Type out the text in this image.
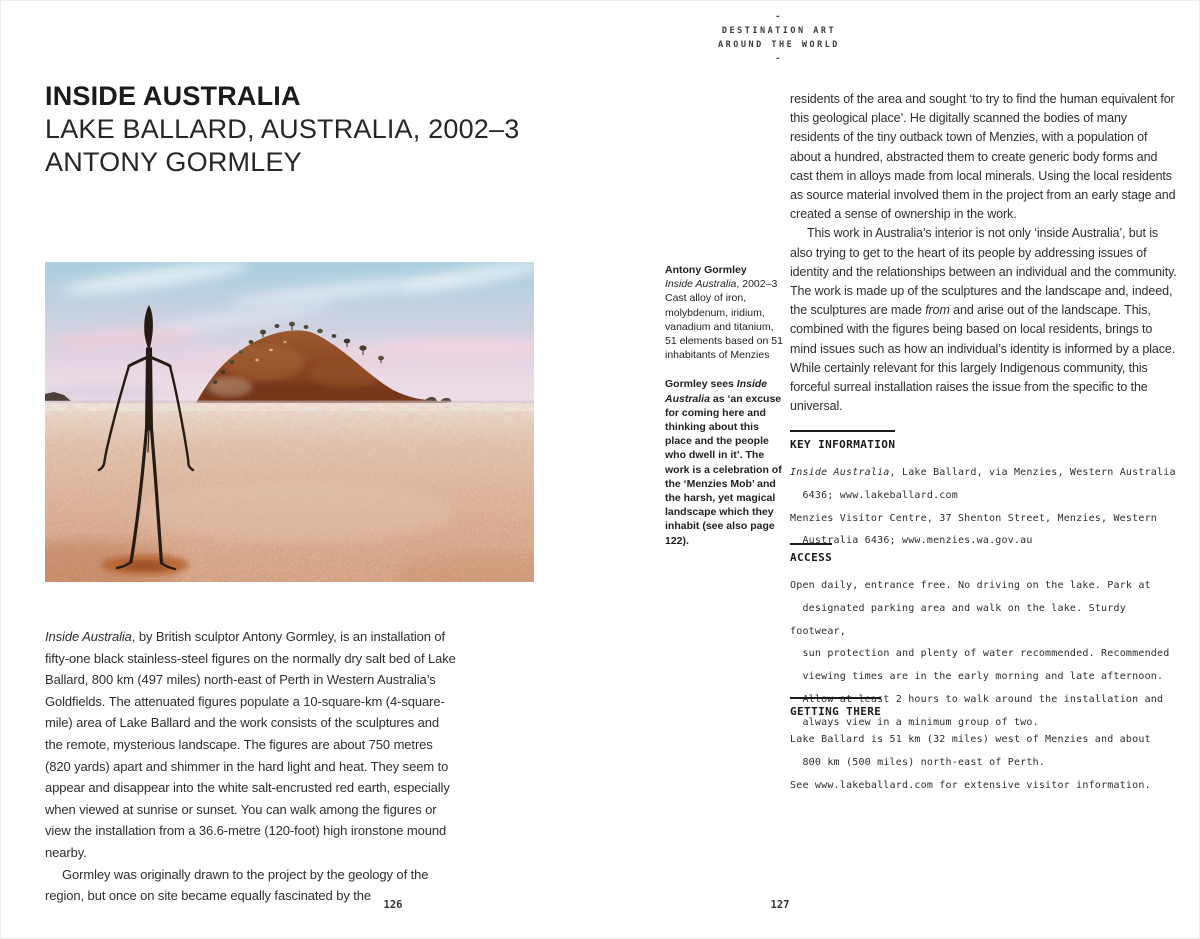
-
DESTINATION ART
AROUND THE WORLD
-
INSIDE AUSTRALIA
LAKE BALLARD, AUSTRALIA, 2002–3
ANTONY GORMLEY
Antony Gormley
Inside Australia, 2002–3
Cast alloy of iron, molybdenum, iridium, vanadium and titanium, 51 elements based on 51 inhabitants of Menzies
Gormley sees Inside Australia as ‘an excuse for coming here and thinking about this place and the people who dwell in it’. The work is a celebration of the ‘Menzies Mob’ and the harsh, yet magical landscape which they inhabit (see also page 122).

Inside Australia, by British sculptor Antony Gormley, is an installation of fifty-one black stainless-steel figures on the normally dry salt bed of Lake Ballard, 800 km (497 miles) north-east of Perth in Western Australia’s Goldfields. The attenuated figures populate a 10-square-km (4-square-mile) area of Lake Ballard and the work consists of the sculptures and the remote, mysterious landscape. The figures are about 750 metres (820 yards) apart and shimmer in the hard light and heat. They seem to appear and disappear into the white salt-encrusted red earth, especially when viewed at sunrise or sunset. You can walk among the figures or view the installation from a 36.6-metre (120-foot) high ironstone mound nearby.

Gormley was originally drawn to the project by the geology of the region, but once on site became equally fascinated by the

residents of the area and sought ‘to try to find the human equivalent for this geological place’. He digitally scanned the bodies of many residents of the tiny outback town of Menzies, with a population of about a hundred, abstracted them to create generic body forms and cast them in alloys made from local minerals. Using the local residents as source material involved them in the project from an early stage and created a sense of ownership in the work.

This work in Australia’s interior is not only ‘inside Australia’, but is also trying to get to the heart of its people by addressing issues of identity and the relationships between an individual and the community. The work is made up of the sculptures and the landscape and, indeed, the sculptures are made from and arise out of the landscape. This, combined with the figures being based on local residents, brings to mind issues such as how an individual’s identity is informed by a place. While certainly relevant for this largely Indigenous community, this forceful surreal installation raises the issue from the specific to the universal.

KEY INFORMATION
Inside Australia, Lake Ballard, via Menzies, Western Australia
6436; www.lakeballard.com
Menzies Visitor Centre, 37 Shenton Street, Menzies, Western
Australia 6436; www.menzies.wa.gov.au
ACCESS
Open daily, entrance free. No driving on the lake. Park at
designated parking area and walk on the lake. Sturdy footwear,
sun protection and plenty of water recommended. Recommended
viewing times are in the early morning and late afternoon.
Allow at least 2 hours to walk around the installation and
always view in a minimum group of two.
GETTING THERE
Lake Ballard is 51 km (32 miles) west of Menzies and about
800 km (500 miles) north-east of Perth.
See www.lakeballard.com for extensive visitor information.
126	127
